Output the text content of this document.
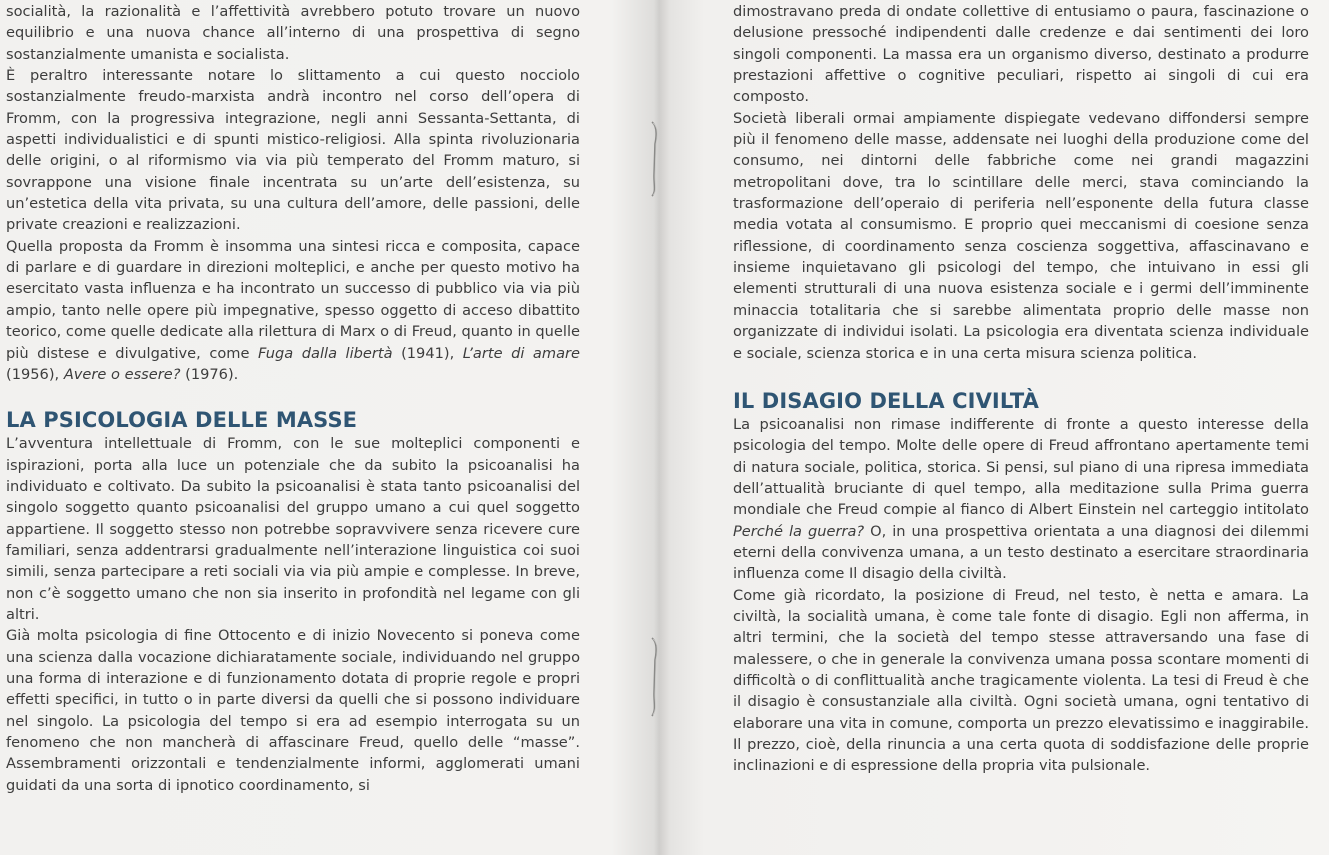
socialità, la razionalità e l’affettività avrebbero potuto trovare un nuovo equilibrio e una nuova chance all’interno di una prospettiva di segno sostanzialmente umanista e socialista.

È peraltro interessante notare lo slittamento a cui questo nocciolo sostanzialmente freudo-marxista andrà incontro nel corso dell’opera di Fromm, con la progressiva integrazione, negli anni Sessanta-Settanta, di aspetti individualistici e di spunti mistico-religiosi. Alla spinta rivoluzionaria delle origini, o al riformismo via via più temperato del Fromm maturo, si sovrappone una visione finale incentrata su un’arte dell’esistenza, su un’estetica della vita privata, su una cultura dell’amore, delle passioni, delle private creazioni e realizzazioni.

Quella proposta da Fromm è insomma una sintesi ricca e composita, capace di parlare e di guardare in direzioni molteplici, e anche per questo motivo ha esercitato vasta influenza e ha incontrato un successo di pubblico via via più ampio, tanto nelle opere più impegnative, spesso oggetto di acceso dibattito teorico, come quelle dedicate alla rilettura di Marx o di Freud, quanto in quelle più distese e divulgative, come Fuga dalla libertà (1941), L’arte di amare (1956), Avere o essere? (1976).

LA PSICOLOGIA DELLE MASSE

L’avventura intellettuale di Fromm, con le sue molteplici componenti e ispirazioni, porta alla luce un potenziale che da subito la psicoanalisi ha individuato e coltivato. Da subito la psicoanalisi è stata tanto psicoanalisi del singolo soggetto quanto psicoanalisi del gruppo umano a cui quel soggetto appartiene. Il soggetto stesso non potrebbe sopravvivere senza ricevere cure familiari, senza addentrarsi gradualmente nell’interazione linguistica coi suoi simili, senza partecipare a reti sociali via via più ampie e complesse. In breve, non c’è soggetto umano che non sia inserito in profondità nel legame con gli altri.

Già molta psicologia di fine Ottocento e di inizio Novecento si poneva come una scienza dalla vocazione dichiaratamente sociale, individuando nel gruppo una forma di interazione e di funzionamento dotata di proprie regole e propri effetti specifici, in tutto o in parte diversi da quelli che si possono individuare nel singolo. La psicologia del tempo si era ad esempio interrogata su un fenomeno che non mancherà di affascinare Freud, quello delle “masse”. Assembramenti orizzontali e tendenzialmente informi, agglomerati umani guidati da una sorta di ipnotico coordinamento, si

dimostravano preda di ondate collettive di entusiamo o paura, fascinazione o delusione pressoché indipendenti dalle credenze e dai sentimenti dei loro singoli componenti. La massa era un organismo diverso, destinato a produrre prestazioni affettive o cognitive peculiari, rispetto ai singoli di cui era composto.

Società liberali ormai ampiamente dispiegate vedevano diffondersi sempre più il fenomeno delle masse, addensate nei luoghi della produzione come del consumo, nei dintorni delle fabbriche come nei grandi magazzini metropolitani dove, tra lo scintillare delle merci, stava cominciando la trasformazione dell’operaio di periferia nell’esponente della futura classe media votata al consumismo. E proprio quei meccanismi di coesione senza riflessione, di coordinamento senza coscienza soggettiva, affascinavano e insieme inquietavano gli psicologi del tempo, che intuivano in essi gli elementi strutturali di una nuova esistenza sociale e i germi dell’imminente minaccia totalitaria che si sarebbe alimentata proprio delle masse non organizzate di individui isolati. La psicologia era diventata scienza individuale e sociale, scienza storica e in una certa misura scienza politica.

IL DISAGIO DELLA CIVILTÀ

La psicoanalisi non rimase indifferente di fronte a questo interesse della psicologia del tempo. Molte delle opere di Freud affrontano apertamente temi di natura sociale, politica, storica. Si pensi, sul piano di una ripresa immediata dell’attualità bruciante di quel tempo, alla meditazione sulla Prima guerra mondiale che Freud compie al fianco di Albert Einstein nel carteggio intitolato Perché la guerra? O, in una prospettiva orientata a una diagnosi dei dilemmi eterni della convivenza umana, a un testo destinato a esercitare straordinaria influenza come Il disagio della civiltà.

Come già ricordato, la posizione di Freud, nel testo, è netta e amara. La civiltà, la socialità umana, è come tale fonte di disagio. Egli non afferma, in altri termini, che la società del tempo stesse attraversando una fase di malessere, o che in generale la convivenza umana possa scontare momenti di difficoltà o di conflittualità anche tragicamente violenta. La tesi di Freud è che il disagio è consustanziale alla civiltà. Ogni società umana, ogni tentativo di elaborare una vita in comune, comporta un prezzo elevatissimo e inaggirabile. Il prezzo, cioè, della rinuncia a una certa quota di soddisfazione delle proprie inclinazioni e di espressione della propria vita pulsionale.
